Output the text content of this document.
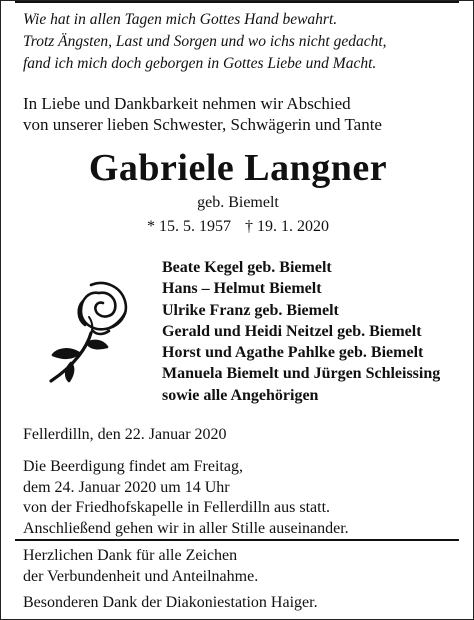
Wie hat in allen Tagen mich Gottes Hand bewahrt.
Trotz Ängsten, Last und Sorgen und wo ichs nicht gedacht,
fand ich mich doch geborgen in Gottes Liebe und Macht.
In Liebe und Dankbarkeit nehmen wir Abschied
von unserer lieben Schwester, Schwägerin und Tante
Gabriele Langner
geb. Biemelt
* 15. 5. 1957 † 19. 1. 2020
Beate Kegel geb. Biemelt
Hans – Helmut Biemelt
Ulrike Franz geb. Biemelt
Gerald und Heidi Neitzel geb. Biemelt
Horst und Agathe Pahlke geb. Biemelt
Manuela Biemelt und Jürgen Schleissing
sowie alle Angehörigen
Fellerdilln, den 22. Januar 2020
Die Beerdigung findet am Freitag,
dem 24. Januar 2020 um 14 Uhr
von der Friedhofskapelle in Fellerdilln aus statt.
Anschließend gehen wir in aller Stille auseinander.
Herzlichen Dank für alle Zeichen
der Verbundenheit und Anteilnahme.
Besonderen Dank der Diakoniestation Haiger.
